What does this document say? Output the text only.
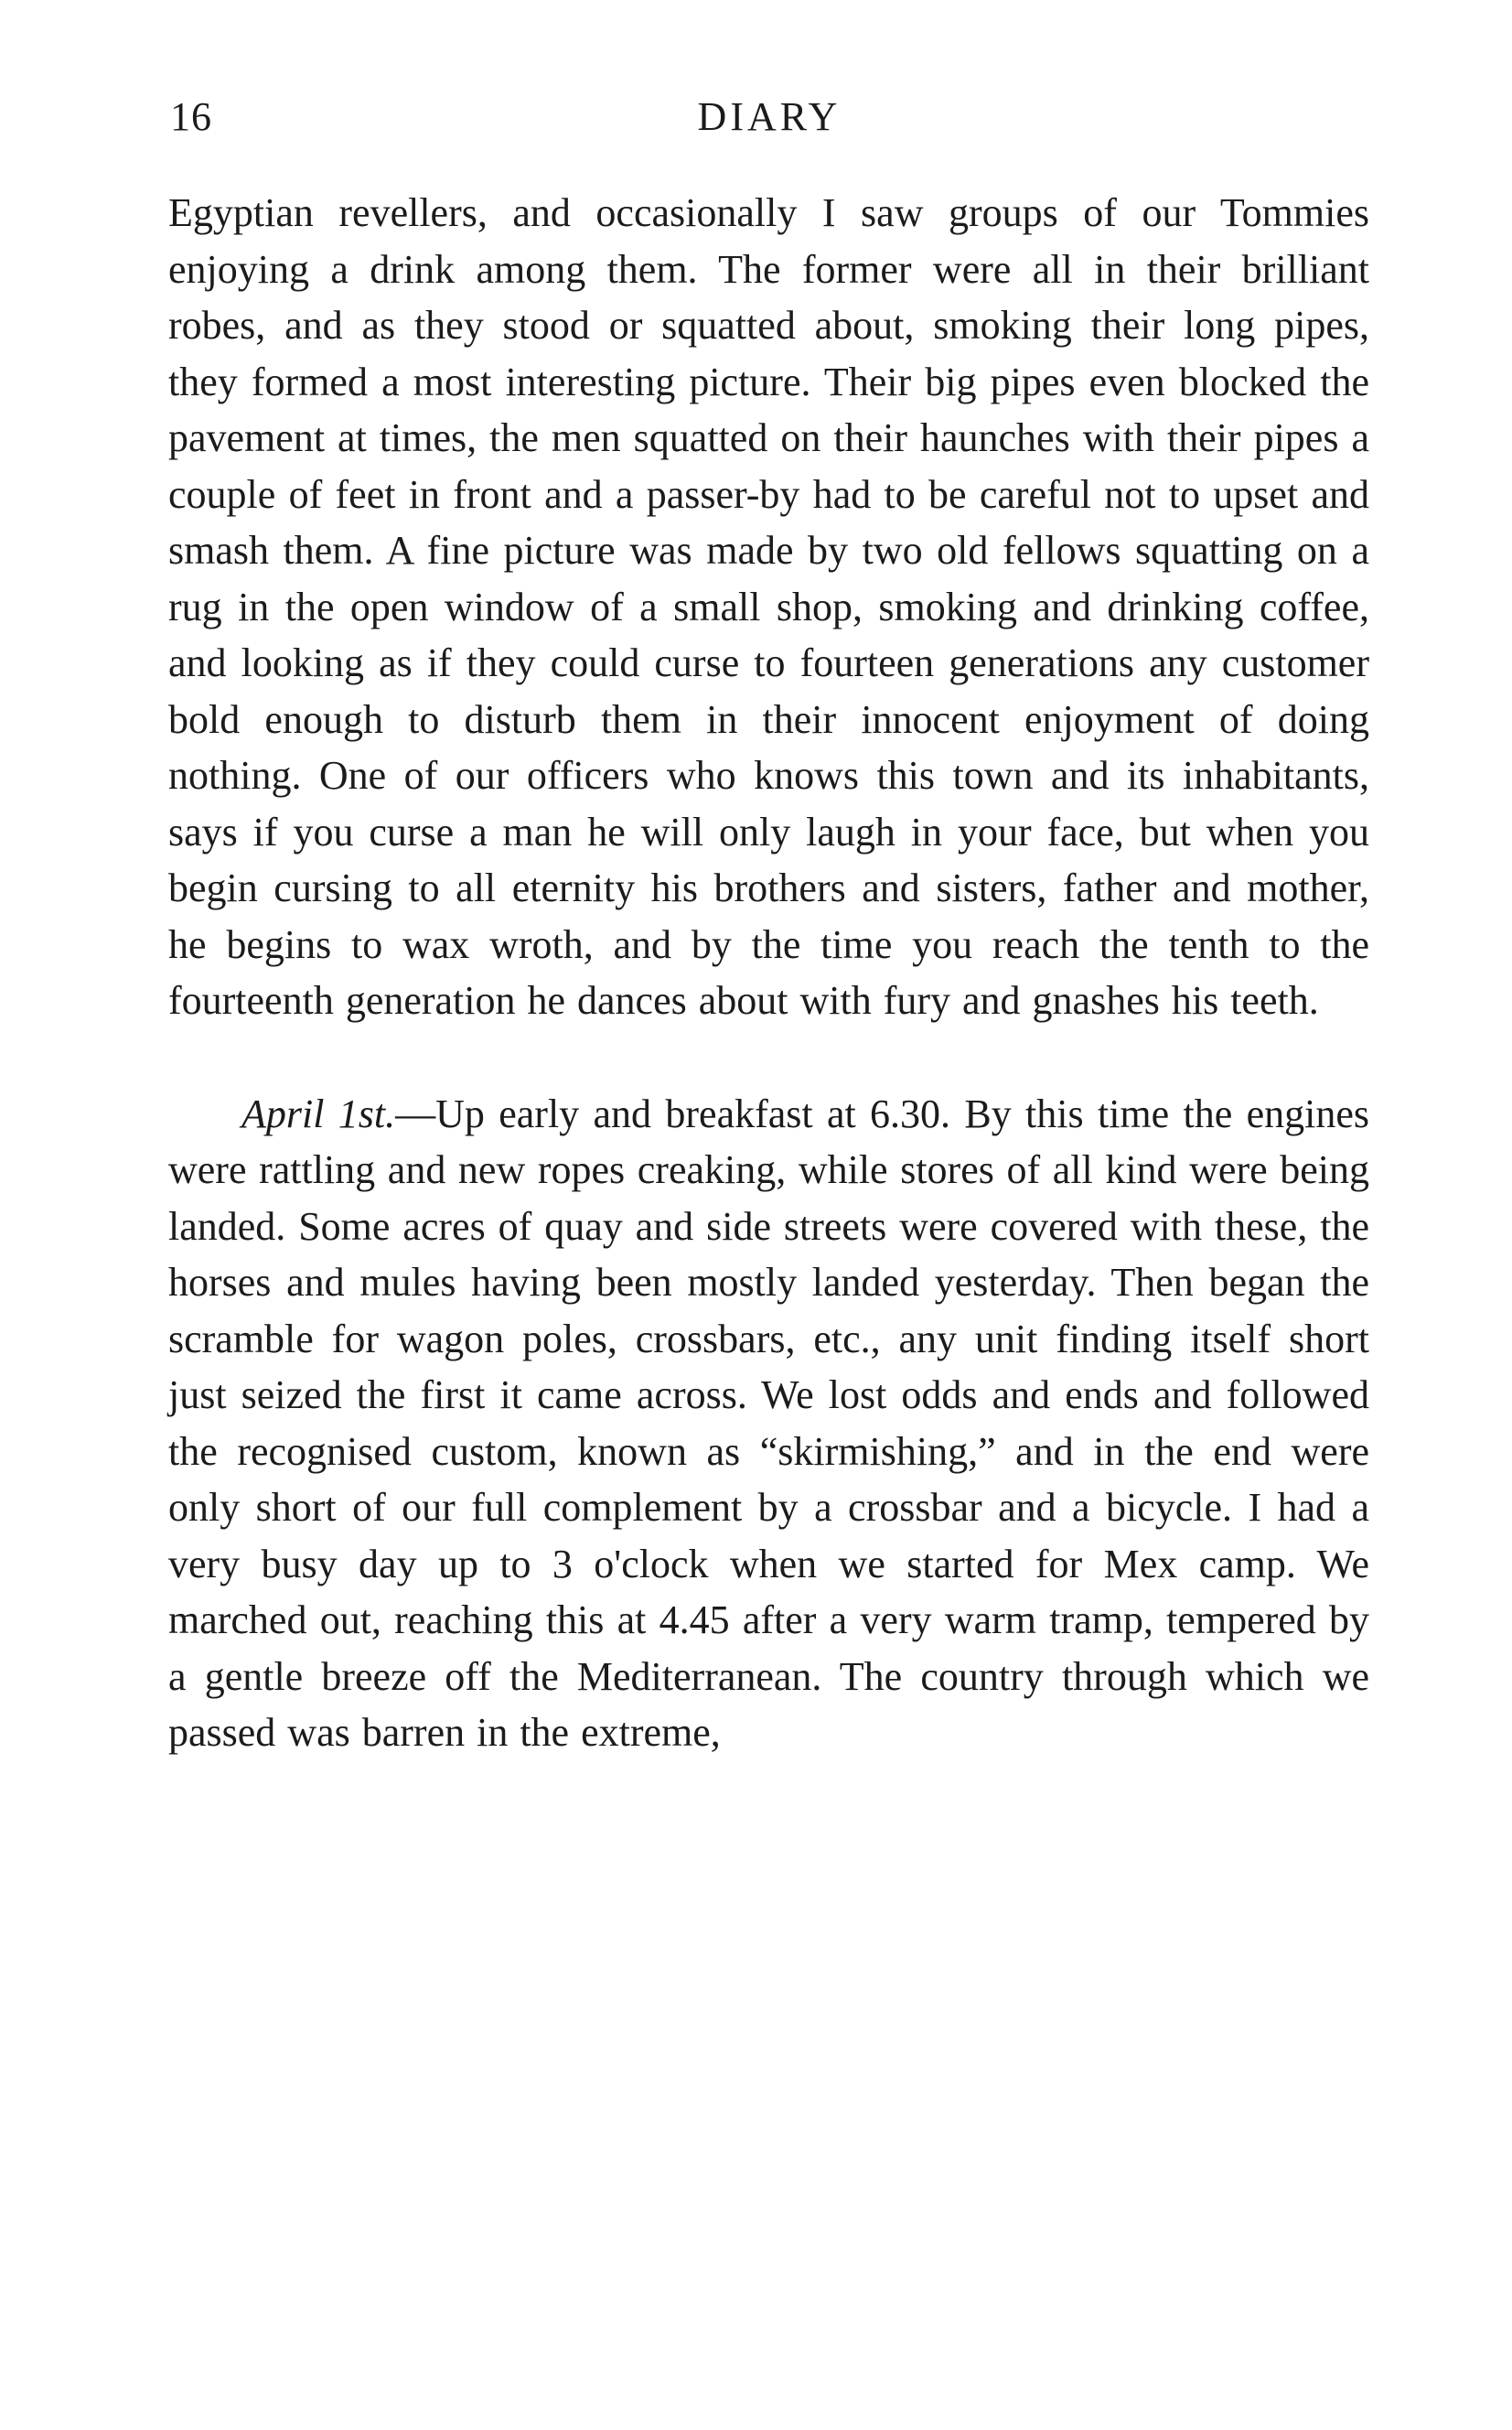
16	DIARY

Egyptian revellers, and occasionally I saw groups of our Tommies enjoying a drink among them. The former were all in their brilliant robes, and as they stood or squatted about, smoking their long pipes, they formed a most interesting picture. Their big pipes even blocked the pavement at times, the men squatted on their haunches with their pipes a couple of feet in front and a passer-by had to be careful not to upset and smash them. A fine picture was made by two old fellows squatting on a rug in the open window of a small shop, smoking and drinking coffee, and looking as if they could curse to fourteen generations any customer bold enough to disturb them in their innocent enjoyment of doing nothing. One of our officers who knows this town and its inhabitants, says if you curse a man he will only laugh in your face, but when you begin cursing to all eternity his brothers and sisters, father and mother, he begins to wax wroth, and by the time you reach the tenth to the fourteenth generation he dances about with fury and gnashes his teeth.

April 1st.—Up early and breakfast at 6.30. By this time the engines were rattling and new ropes creaking, while stores of all kind were being landed. Some acres of quay and side streets were covered with these, the horses and mules having been mostly landed yesterday. Then began the scramble for wagon poles, crossbars, etc., any unit finding itself short just seized the first it came across. We lost odds and ends and followed the recognised custom, known as “skirmishing,” and in the end were only short of our full complement by a crossbar and a bicycle. I had a very busy day up to 3 o'clock when we started for Mex camp. We marched out, reaching this at 4.45 after a very warm tramp, tempered by a gentle breeze off the Mediterranean. The country through which we passed was barren in the extreme,
